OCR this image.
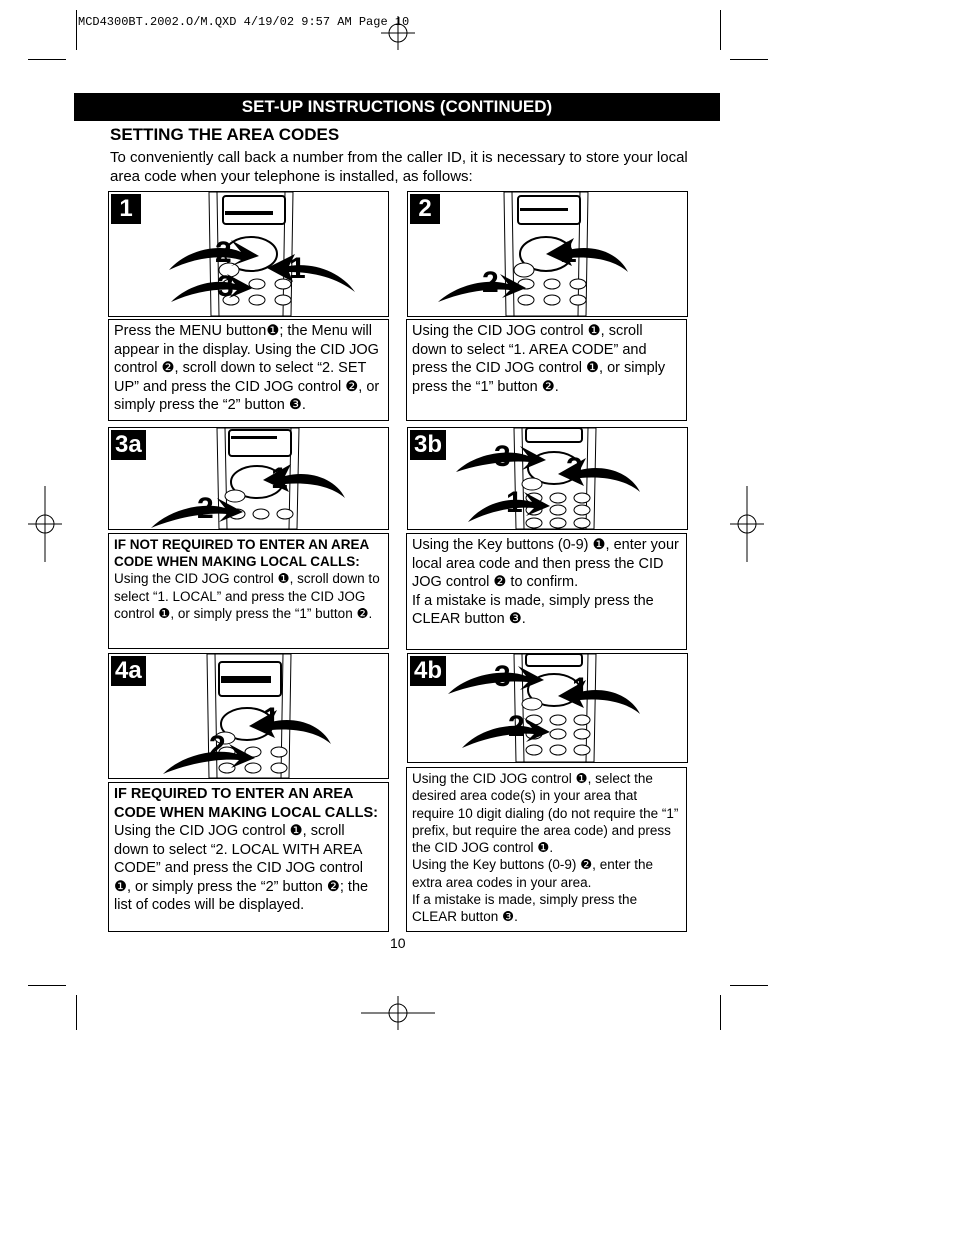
MCD4300BT.2002.O/M.QXD 4/19/02 9:57 AM Page 10
SET-UP INSTRUCTIONS (CONTINUED)
SETTING THE AREA CODES
To conveniently call back a number from the caller ID, it is necessary to store your local area code when your telephone is installed, as follows:
1
2 1
3
Press the MENU button❶; the Menu will appear in the display. Using the CID JOG control ❷, scroll down to select “2. SET UP” and press the CID JOG control ❷, or simply press the “2” button ❸.
2
1
2
Using the CID JOG control ❶, scroll down to select “1. AREA CODE” and press the CID JOG control ❶, or simply press the “1” button ❷.
3a
1
2
IF NOT REQUIRED TO ENTER AN AREA CODE WHEN MAKING LOCAL CALLS: Using the CID JOG control ❶, scroll down to select “1. LOCAL” and press the CID JOG control ❶, or simply press the “1” button ❷.
3b 3 2
1
Using the Key buttons (0-9) ❶, enter your local area code and then press the CID JOG control ❷ to confirm.
If a mistake is made, simply press the CLEAR button ❸.
4a
1
2
IF REQUIRED TO ENTER AN AREA CODE WHEN MAKING LOCAL CALLS:
Using the CID JOG control ❶, scroll down to select “2. LOCAL WITH AREA CODE” and press the CID JOG control ❶, or simply press the “2” button ❷; the list of codes will be displayed.
4b 3 1
2
Using the CID JOG control ❶, select the desired area code(s) in your area that require 10 digit dialing (do not require the “1” prefix, but require the area code) and press the CID JOG control ❶.
Using the Key buttons (0-9) ❷, enter the extra area codes in your area.
If a mistake is made, simply press the CLEAR button ❸.
10
